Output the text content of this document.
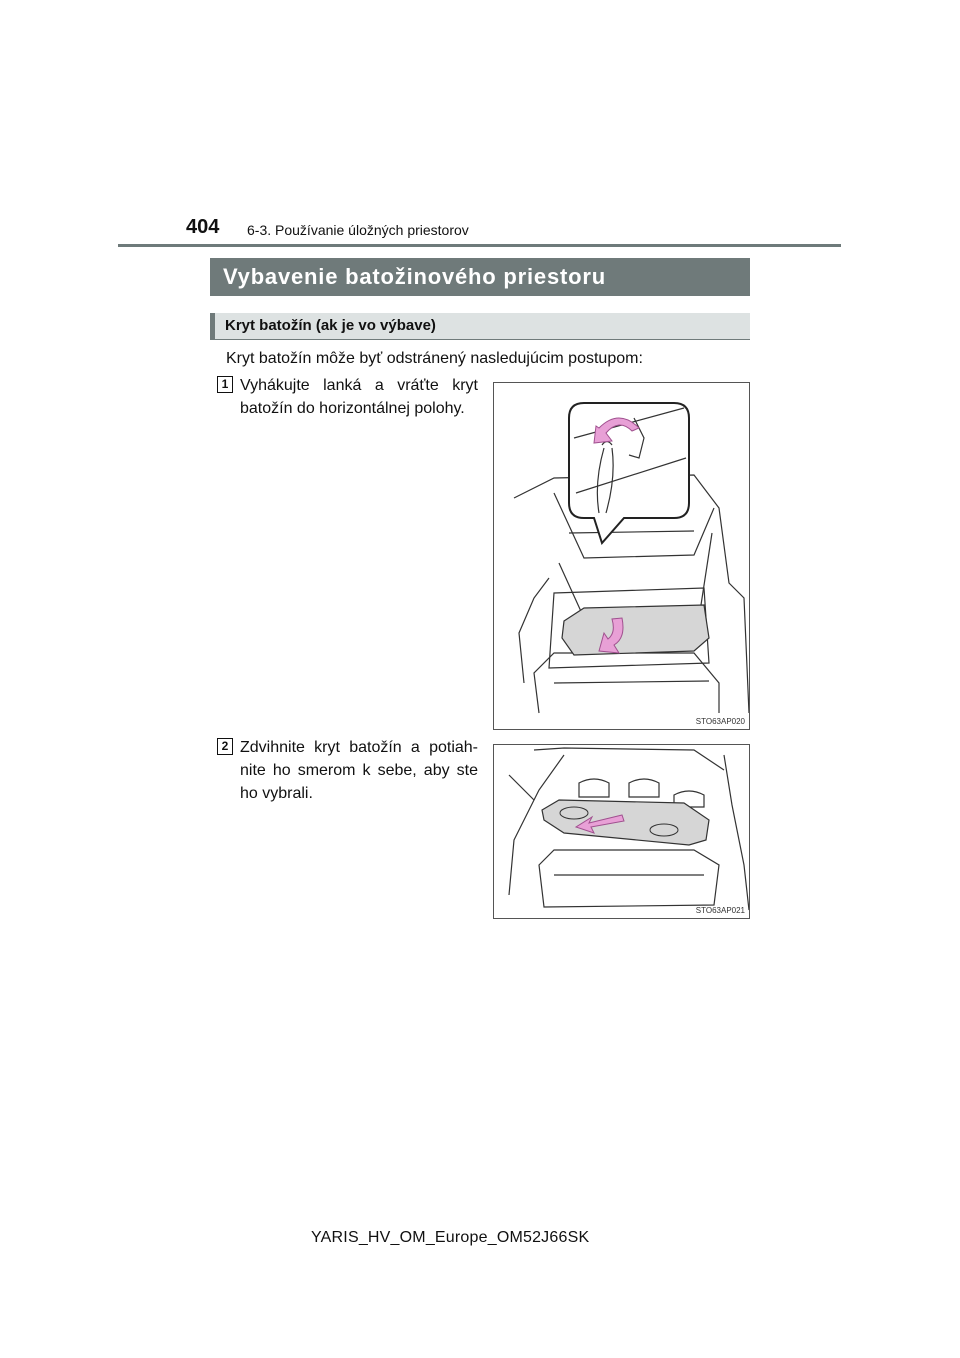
404 6-3. Používanie úložných priestorov
Vybavenie batožinového priestoru
Kryt batožín (ak je vo výbave)
Kryt batožín môže byť odstránený nasledujúcim postupom:
1 Vyhákujte lanká a vráťte kryt batožín do horizontálnej polohy.
STO63AP020
2 Zdvihnite kryt batožín a potiah-nite ho smerom k sebe, aby ste ho vybrali.
STO63AP021
YARIS_HV_OM_Europe_OM52J66SK
